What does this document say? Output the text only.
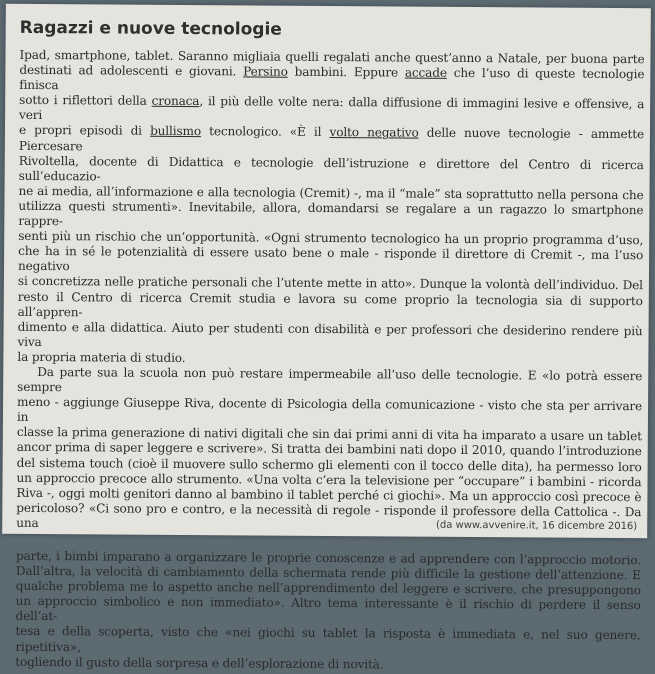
Ragazzi e nuove tecnologie

Ipad, smartphone, tablet. Saranno migliaia quelli regalati anche quest’anno a Natale, per buona parte

destinati ad adolescenti e giovani. Persino bambini. Eppure accade che l’uso di queste tecnologie finisca

sotto i riflettori della cronaca, il più delle volte nera: dalla diffusione di immagini lesive e offensive, a veri

e propri episodi di bullismo tecnologico. «È il volto negativo delle nuove tecnologie - ammette Piercesare

Rivoltella, docente di Didattica e tecnologie dell’istruzione e direttore del Centro di ricerca sull’educazio-

ne ai media, all’informazione e alla tecnologia (Cremit) -, ma il “male” sta soprattutto nella persona che

utilizza questi strumenti». Inevitabile, allora, domandarsi se regalare a un ragazzo lo smartphone rappre-

senti più un rischio che un’opportunità. «Ogni strumento tecnologico ha un proprio programma d’uso,

che ha in sé le potenzialità di essere usato bene o male - risponde il direttore di Cremit -, ma l’uso negativo

si concretizza nelle pratiche personali che l’utente mette in atto». Dunque la volontà dell’individuo. Del

resto il Centro di ricerca Cremit studia e lavora su come proprio la tecnologia sia di supporto all’appren-

dimento e alla didattica. Aiuto per studenti con disabilità e per professori che desiderino rendere più viva

la propria materia di studio.

Da parte sua la scuola non può restare impermeabile all’uso delle tecnologie. E «lo potrà essere sempre

meno - aggiunge Giuseppe Riva, docente di Psicologia della comunicazione - visto che sta per arrivare in

classe la prima generazione di nativi digitali che sin dai primi anni di vita ha imparato a usare un tablet

ancor prima di saper leggere e scrivere». Si tratta dei bambini nati dopo il 2010, quando l’introduzione

del sistema touch (cioè il muovere sullo schermo gli elementi con il tocco delle dita), ha permesso loro

un approccio precoce allo strumento. «Una volta c’era la televisione per “occupare” i bambini - ricorda

Riva -, oggi molti genitori danno al bambino il tablet perché ci giochi». Ma un approccio così precoce è

pericoloso? «Ci sono pro e contro, e la necessità di regole - risponde il professore della Cattolica -. Da una

parte, i bimbi imparano a organizzare le proprie conoscenze e ad apprendere con l’approccio motorio.

Dall’altra, la velocità di cambiamento della schermata rende più difficile la gestione dell’attenzione. E

qualche problema me lo aspetto anche nell’apprendimento del leggere e scrivere, che presuppongono

un approccio simbolico e non immediato». Altro tema interessante è il rischio di perdere il senso dell’at-

tesa e della scoperta, visto che «nei giochi su tablet la risposta è immediata e, nel suo genere, ripetitiva»,

togliendo il gusto della sorpresa e dell’esplorazione di novità.

(da www.avvenire.it, 16 dicembre 2016)
